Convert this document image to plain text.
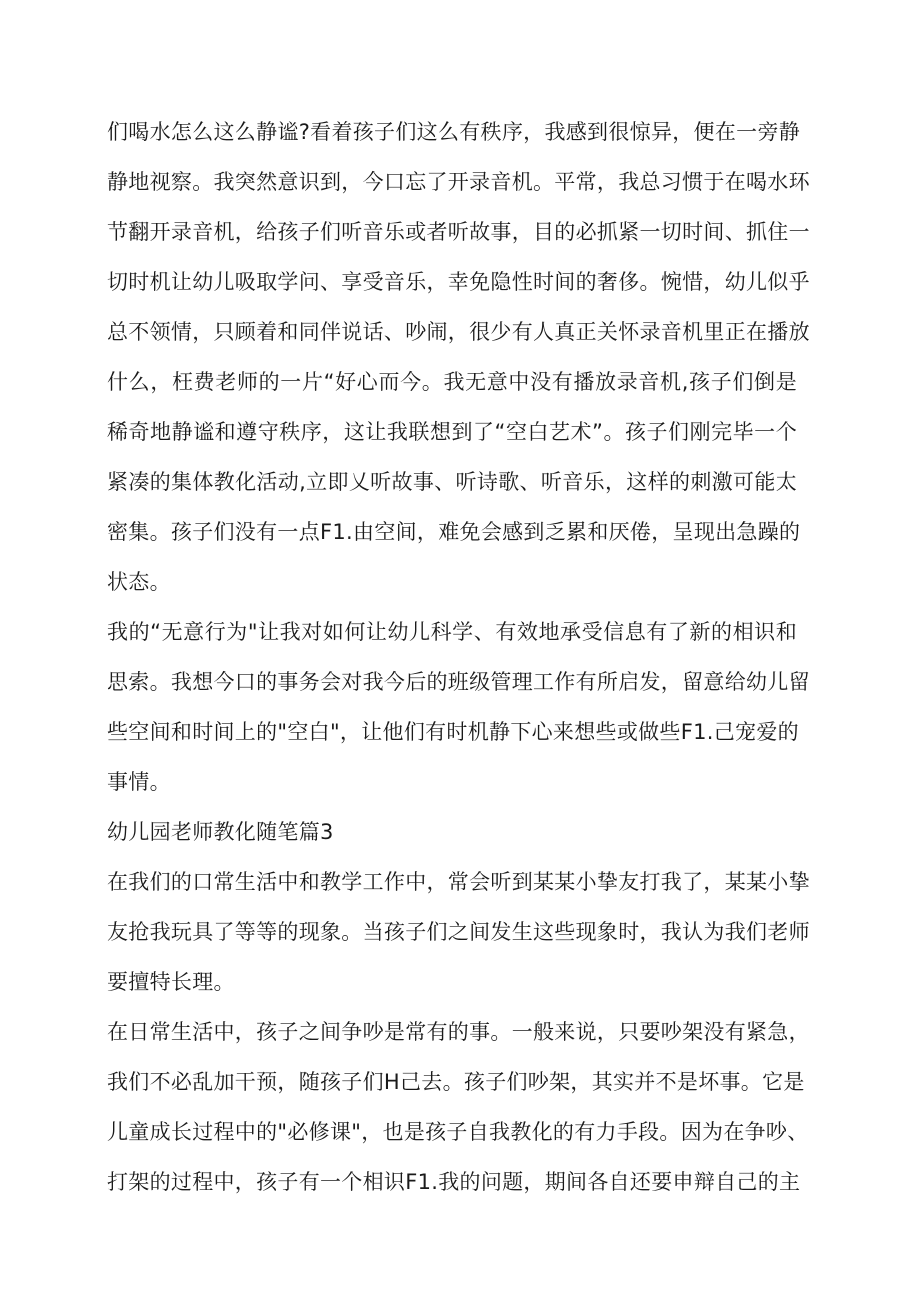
们喝水怎么这么静谧?看着孩子们这么有秩序，我感到很惊异，便在一旁静
静地视察。我突然意识到，今口忘了开录音机。平常，我总习惯于在喝水环
节翻开录音机，给孩子们听音乐或者听故事，目的必抓紧一切时间、抓住一
切时机让幼儿吸取学问、享受音乐，幸免隐性时间的奢侈。惋惜，幼儿似乎
总不领情，只顾着和同伴说话、吵闹，很少有人真正关怀录音机里正在播放
什么，枉费老师的一片“好心而今。我无意中没有播放录音机,孩子们倒是
稀奇地静谧和遵守秩序，这让我联想到了“空白艺术”。孩子们刚完毕一个
紧凑的集体教化活动,立即乂听故事、听诗歌、听音乐，这样的刺激可能太
密集。孩子们没有一点F1.由空间，难免会感到乏累和厌倦，呈现出急躁的
状态。
我的“无意行为"让我对如何让幼儿科学、有效地承受信息有了新的相识和
思索。我想今口的事务会对我今后的班级管理工作有所启发，留意给幼儿留
些空间和时间上的"空白"，让他们有时机静下心来想些或做些F1.己宠爱的
事情。
幼儿园老师教化随笔篇3
在我们的口常生活中和教学工作中，常会听到某某小挚友打我了，某某小挚
友抢我玩具了等等的现象。当孩子们之间发生这些现象时，我认为我们老师
要擅特长理。
在日常生活中，孩子之间争吵是常有的事。一般来说，只要吵架没有紧急，
我们不必乱加干预，随孩子们H己去。孩子们吵架，其实并不是坏事。它是
儿童成长过程中的"必修课"，也是孩子自我教化的有力手段。因为在争吵、
打架的过程中，孩子有一个相识F1.我的问题，期间各自还要申辩自己的主
